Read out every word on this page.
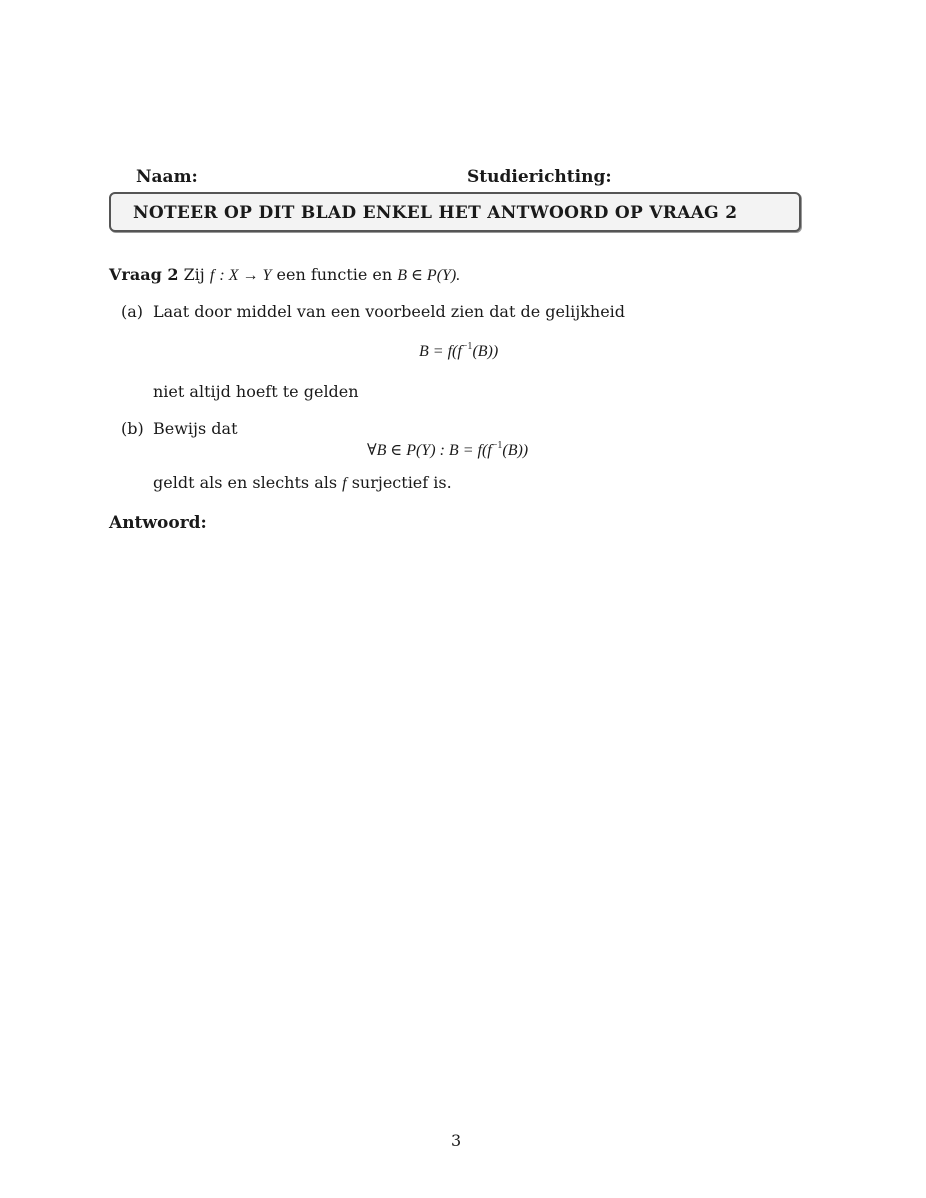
Naam:	Studierichting:
NOTEER OP DIT BLAD ENKEL HET ANTWOORD OP VRAAG 2
Vraag 2 Zij f : X → Y een functie en B ∈ P(Y).
(a) Laat door middel van een voorbeeld zien dat de gelijkheid
$B = f(f^{-1}(B))$
niet altijd hoeft te gelden
(b) Bewijs dat
∀B ∈ P(Y) : $B = f(f^{-1}(B))$
geldt als en slechts als f surjectief is.
Antwoord:
3
